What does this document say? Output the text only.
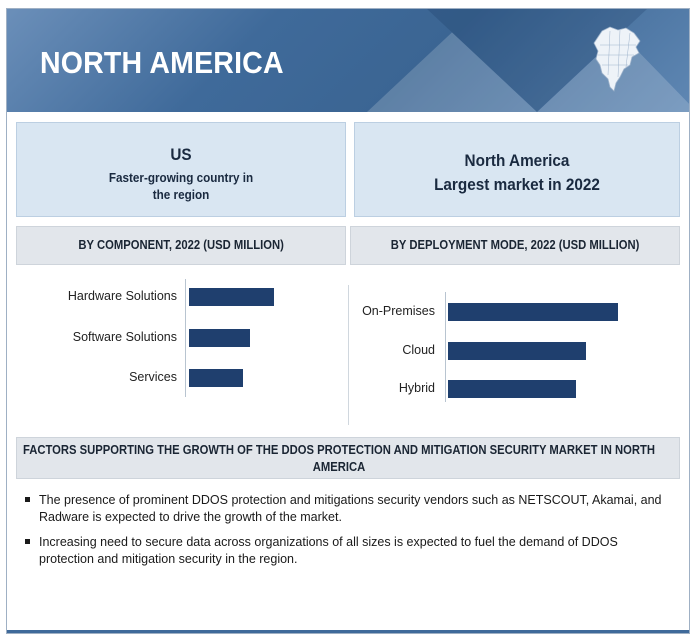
NORTH AMERICA
US
Faster-growing country in
the region
North America
Largest market in 2022
BY COMPONENT, 2022 (USD MILLION)	BY DEPLOYMENT MODE, 2022 (USD MILLION)
Hardware Solutions
Software Solutions
Services
On-Premises
Cloud
Hybrid
FACTORS SUPPORTING THE GROWTH OF THE DDOS PROTECTION AND MITIGATION SECURITY MARKET IN NORTH AMERICA
The presence of prominent DDOS protection and mitigations security vendors such as NETSCOUT, Akamai, and Radware is expected to drive the growth of the market.
Increasing need to secure data across organizations of all sizes is expected to fuel the demand of DDOS protection and mitigation security in the region.
